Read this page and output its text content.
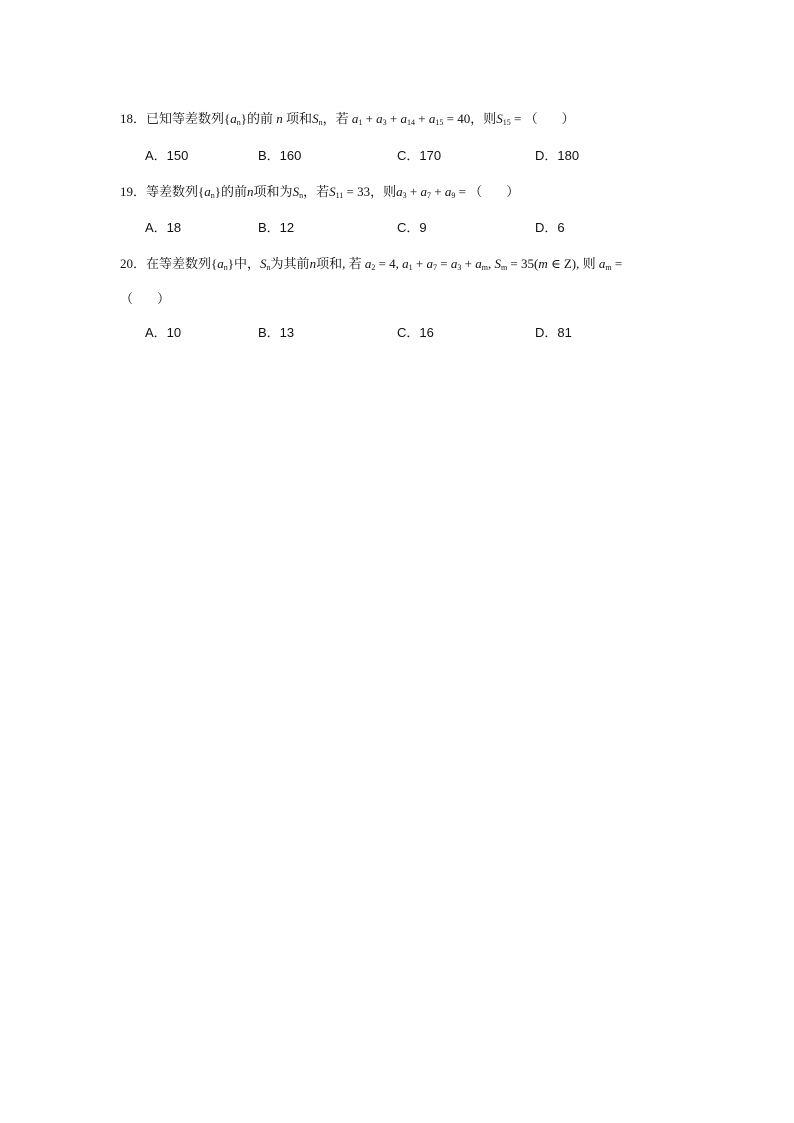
18．已知等差数列$\{a_n\}$的前 n 项和$S_n$，若 $a_1 + a_3 + a_{14} + a_{15} = 40$，则$S_{15}$ = （ ）
A．150	B．160	C．170	D．180
19．等差数列$\{a_n\}$的前n项和为$S_n$，若$S_{11} = 33$，则$a_3 + a_7 + a_9$ = （ ）
A．18	B．12	C．9	D．6
20．在等差数列$\{a_n\}$中，$S_n$为其前n项和, 若 $a_2 = 4$, $a_1 + a_7 = a_3 + a_m$, $S_m = 35(m$ ∈ Z), 则 $a_m$ =
（ ）
A．10	B．13	C．16	D．81
